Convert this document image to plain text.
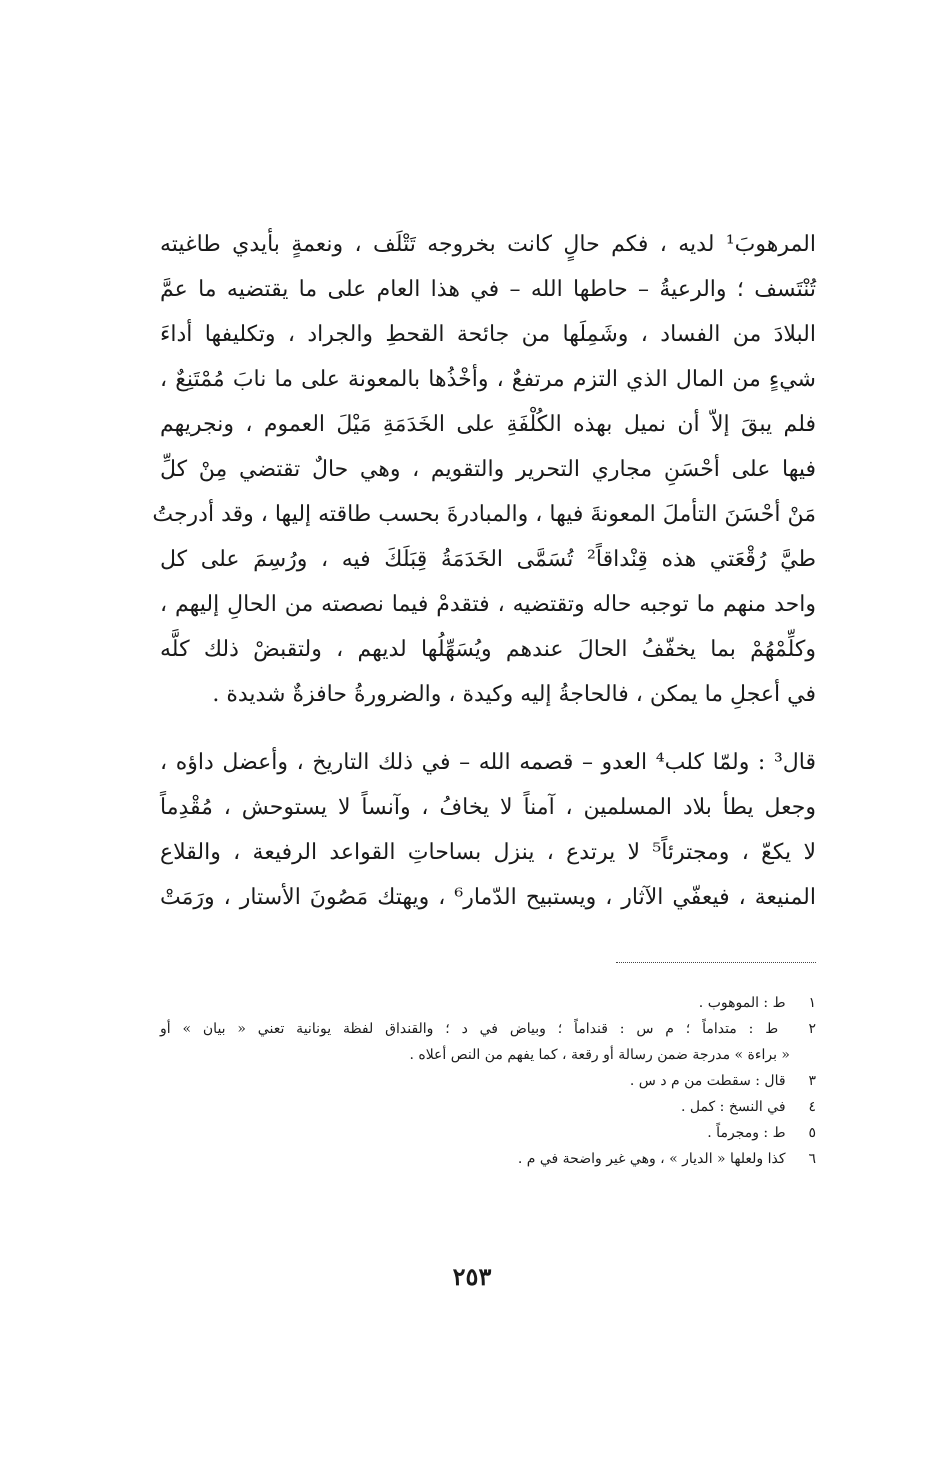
المرهوبَ¹ لديه ، فكم حالٍ كانت بخروجه تَتْلَف ، ونعمةٍ بأيدي طاغيته
تُنْتَسف ؛ والرعيةُ – حاطها الله – في هذا العام على ما يقتضيه ما عمَّ
البلادَ من الفساد ، وشَمِلَها من جائحة القحطِ والجراد ، وتكليفها أداءَ
شيءٍ من المال الذي التزم مرتفعٌ ، وأخْذُها بالمعونة على ما نابَ مُمْتَنِعٌ ،
فلم يبقَ إلاّ أن نميل بهذه الكُلْفَةِ على الخَدَمَةِ مَيْلَ العموم ، ونجريهم
فيها على أحْسَنِ مجاري التحرير والتقويم ، وهي حالٌ تقتضي مِنْ كلِّ
مَنْ أحْسَنَ التأملَ المعونةَ فيها ، والمبادرةَ بحسب طاقته إليها ، وقد أدرجتُ
طيَّ رُقْعَتي هذه قِنْداقاً² تُسَمَّى الخَدَمَةُ قِبَلَكَ فيه ، ورُسِمَ على كل
واحد منهم ما توجبه حاله وتقتضيه ، فتقدمْ فيما نصصته من الحالِ إليهم ،
وكلِّمْهُمْ بما يخفّفُ الحالَ عندهم ويُسَهِّلُها لديهم ، ولتقبضْ ذلك كلَّه
في أعجلِ ما يمكن ، فالحاجةُ إليه وكيدة ، والضرورةُ حافزةٌ شديدة .
قال³ : ولمّا كلب⁴ العدو – قصمه الله – في ذلك التاريخ ، وأعضل داؤه ،
وجعل يطأ بلاد المسلمين ، آمناً لا يخافُ ، وآنساً لا يستوحش ، مُقْدِماً
لا يكعّ ، ومجترئاً⁵ لا يرتدع ، ينزل بساحاتِ القواعد الرفيعة ، والقلاع
المنيعة ، فيعفّي الآثار ، ويستبيح الدّمار⁶ ، ويهتك مَصُونَ الأستار ، ورَمَتْ
١ ط : الموهوب .
٢ ط : متداماً ؛ م س : قنداماً ؛ وبياض في د ؛ والقنداق لفظة يونانية تعني « بيان » أو
« براءة » مدرجة ضمن رسالة أو رقعة ، كما يفهم من النص أعلاه .
٣ قال : سقطت من م د س .
٤ في النسخ : كمل .
٥ ط : ومجرماً .
٦ كذا ولعلها « الديار » ، وهي غير واضحة في م .
٢٥٣
